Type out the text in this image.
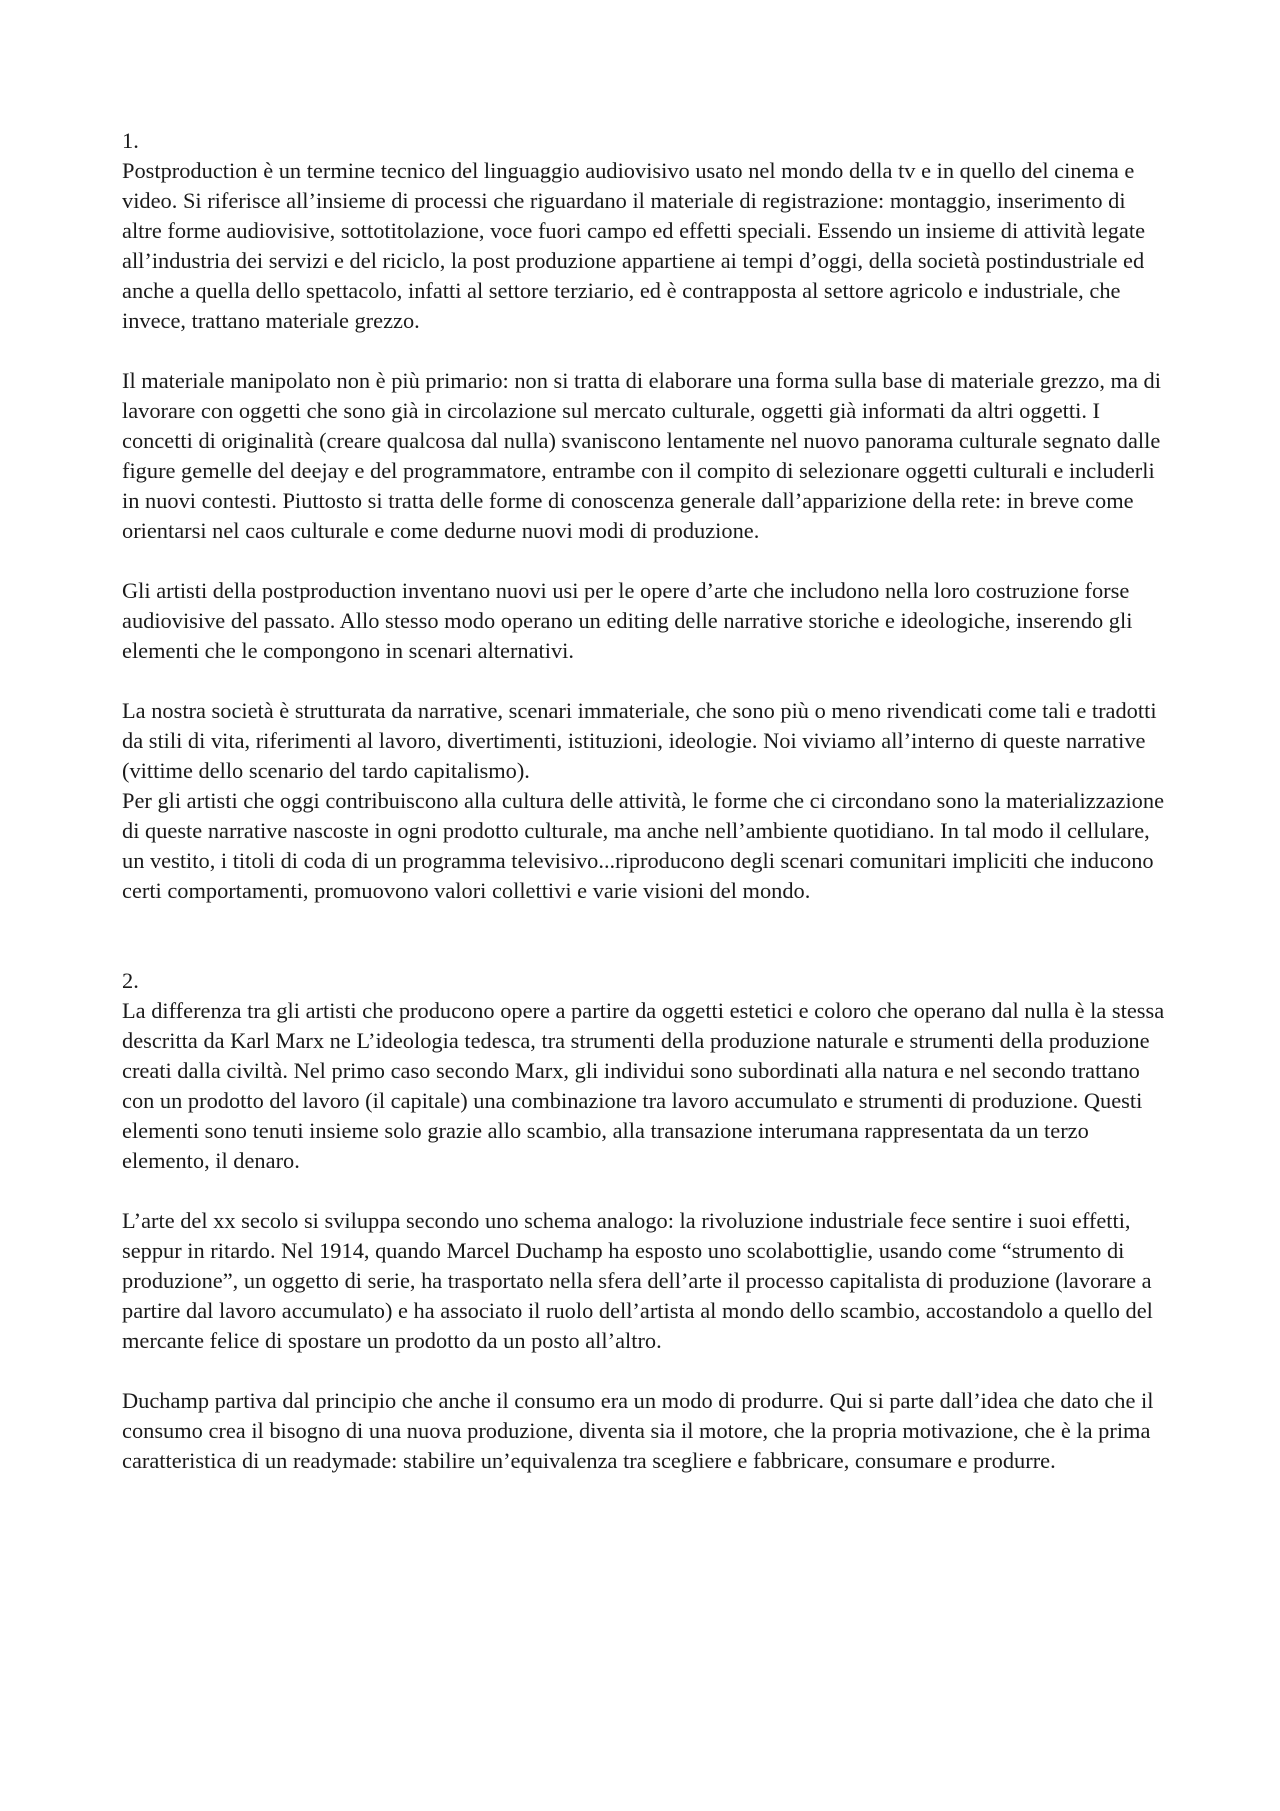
1.

Postproduction è un termine tecnico del linguaggio audiovisivo usato nel mondo della tv e in quello del cinema e video. Si riferisce all’insieme di processi che riguardano il materiale di registrazione: montaggio, inserimento di altre forme audiovisive, sottotitolazione, voce fuori campo ed effetti speciali. Essendo un insieme di attività legate all’industria dei servizi e del riciclo, la post produzione appartiene ai tempi d’oggi, della società postindustriale ed anche a quella dello spettacolo, infatti al settore terziario, ed è contrapposta al settore agricolo e industriale, che invece, trattano materiale grezzo.

Il materiale manipolato non è più primario: non si tratta di elaborare una forma sulla base di materiale grezzo, ma di lavorare con oggetti che sono già in circolazione sul mercato culturale, oggetti già informati da altri oggetti. I concetti di originalità (creare qualcosa dal nulla) svaniscono lentamente nel nuovo panorama culturale segnato dalle figure gemelle del deejay e del programmatore, entrambe con il compito di selezionare oggetti culturali e includerli in nuovi contesti. Piuttosto si tratta delle forme di conoscenza generale dall’apparizione della rete: in breve come orientarsi nel caos culturale e come dedurne nuovi modi di produzione.

Gli artisti della postproduction inventano nuovi usi per le opere d’arte che includono nella loro costruzione forse audiovisive del passato. Allo stesso modo operano un editing delle narrative storiche e ideologiche, inserendo gli elementi che le compongono in scenari alternativi.

La nostra società è strutturata da narrative, scenari immateriale, che sono più o meno rivendicati come tali e tradotti da stili di vita, riferimenti al lavoro, divertimenti, istituzioni, ideologie. Noi viviamo all’interno di queste narrative (vittime dello scenario del tardo capitalismo).

Per gli artisti che oggi contribuiscono alla cultura delle attività, le forme che ci circondano sono la materializzazione di queste narrative nascoste in ogni prodotto culturale, ma anche nell’ambiente quotidiano. In tal modo il cellulare, un vestito, i titoli di coda di un programma televisivo...riproducono degli scenari comunitari impliciti che inducono certi comportamenti, promuovono valori collettivi e varie visioni del mondo.

2.

La differenza tra gli artisti che producono opere a partire da oggetti estetici e coloro che operano dal nulla è la stessa descritta da Karl Marx ne L’ideologia tedesca, tra strumenti della produzione naturale e strumenti della produzione creati dalla civiltà. Nel primo caso secondo Marx, gli individui sono subordinati alla natura e nel secondo trattano con un prodotto del lavoro (il capitale) una combinazione tra lavoro accumulato e strumenti di produzione. Questi elementi sono tenuti insieme solo grazie allo scambio, alla transazione interumana rappresentata da un terzo elemento, il denaro.

L’arte del xx secolo si sviluppa secondo uno schema analogo: la rivoluzione industriale fece sentire i suoi effetti, seppur in ritardo. Nel 1914, quando Marcel Duchamp ha esposto uno scolabottiglie, usando come “strumento di produzione”, un oggetto di serie, ha trasportato nella sfera dell’arte il processo capitalista di produzione (lavorare a partire dal lavoro accumulato) e ha associato il ruolo dell’artista al mondo dello scambio, accostandolo a quello del mercante felice di spostare un prodotto da un posto all’altro.

Duchamp partiva dal principio che anche il consumo era un modo di produrre. Qui si parte dall’idea che dato che il consumo crea il bisogno di una nuova produzione, diventa sia il motore, che la propria motivazione, che è la prima caratteristica di un readymade: stabilire un’equivalenza tra scegliere e fabbricare, consumare e produrre.
